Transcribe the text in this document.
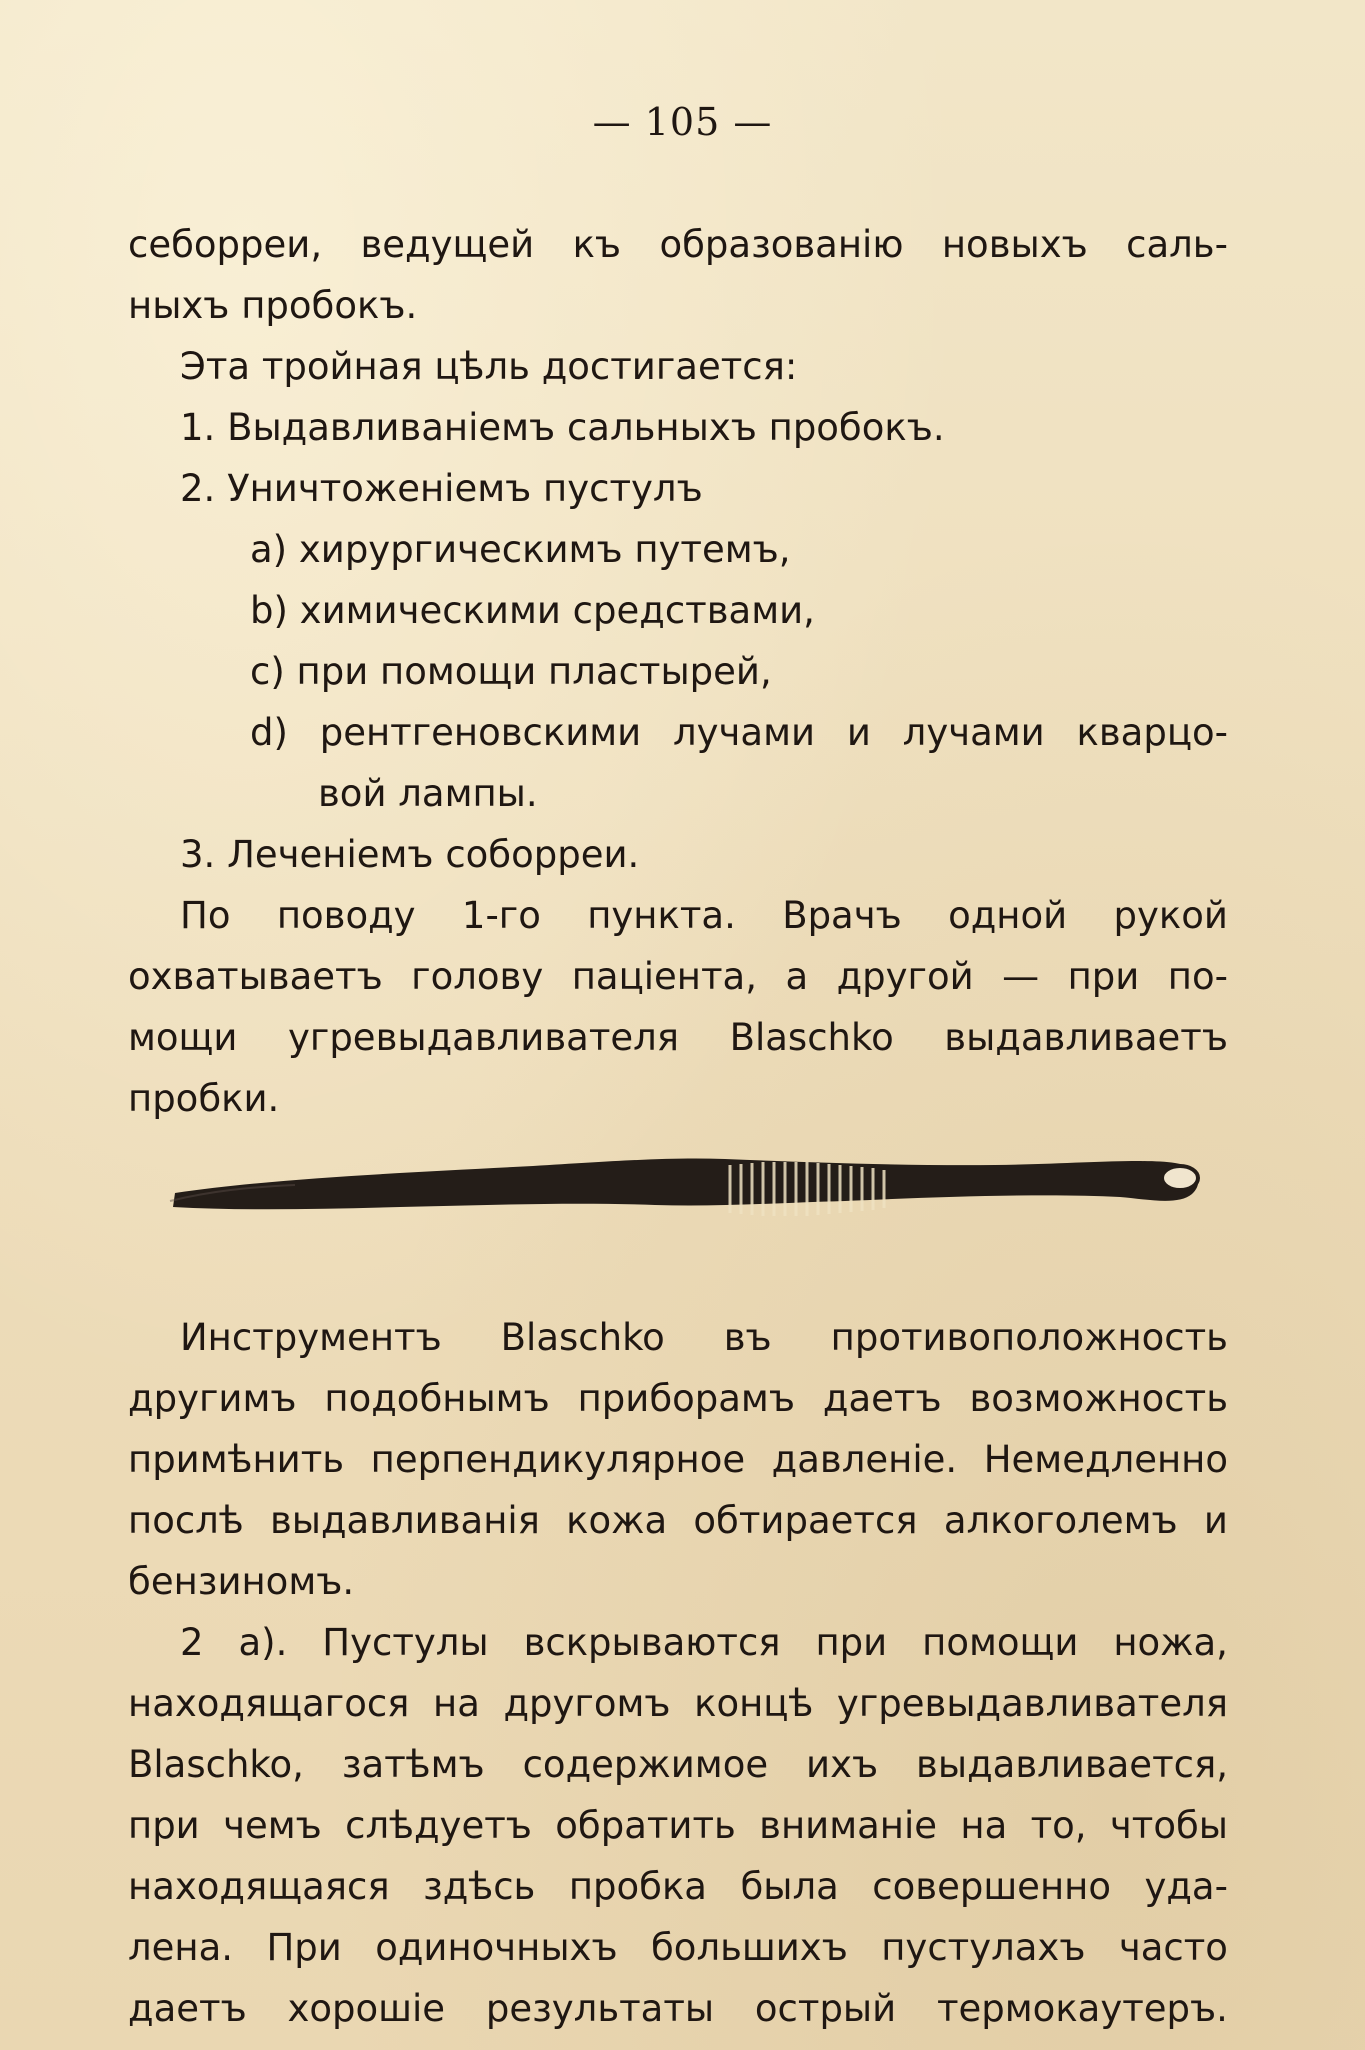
— 105 —
себорреи, ведущей къ образованію новыхъ саль-
ныхъ пробокъ.
Эта тройная цѣль достигается:
1. Выдавливаніемъ сальныхъ пробокъ.
2. Уничтоженіемъ пустулъ
а) хирургическимъ путемъ,
b) химическими средствами,
c) при помощи пластырей,
d) рентгеновскими лучами и лучами кварцо-
вой лампы.
3. Леченіемъ соборреи.
По поводу 1-го пункта. Врачъ одной рукой
охватываетъ голову паціента, а другой — при по-
мощи угревыдавливателя Blaschko выдавливаетъ
пробки.
Инструментъ Blaschko въ противоположность
другимъ подобнымъ приборамъ даетъ возможность
примѣнить перпендикулярное давленіе. Немедленно
послѣ выдавливанія кожа обтирается алкоголемъ и
бензиномъ.
2 а). Пустулы вскрываются при помощи ножа,
находящагося на другомъ концѣ угревыдавливателя
Blaschko, затѣмъ содержимое ихъ выдавливается,
при чемъ слѣдуетъ обратить вниманіе на то, чтобы
находящаяся здѣсь пробка была совершенно уда-
лена. При одиночныхъ большихъ пустулахъ часто
даетъ хорошіе результаты острый термокаутеръ.
